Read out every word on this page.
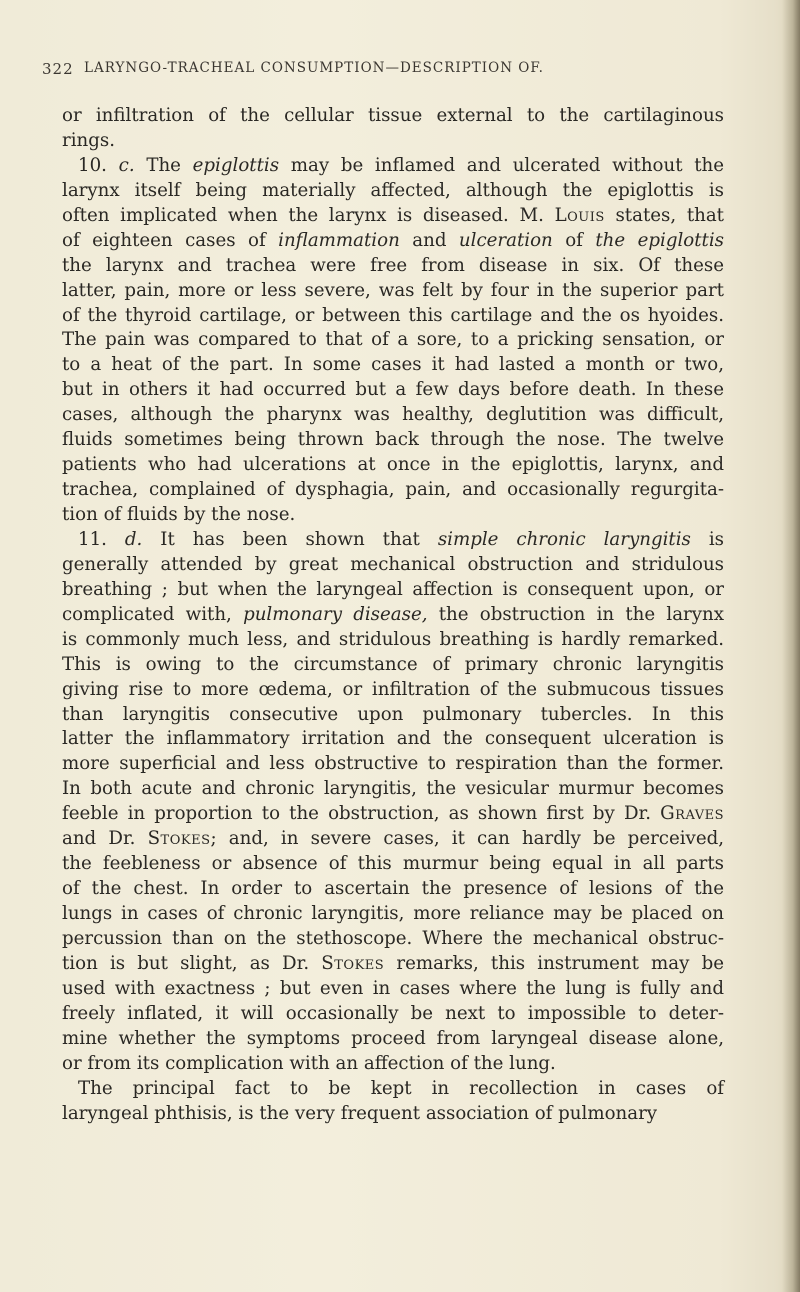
322 LARYNGO-TRACHEAL CONSUMPTION—DESCRIPTION OF.
or infiltration of the cellular tissue external to the cartilaginous
rings.
10. c. The epiglottis may be inflamed and ulcerated without the
larynx itself being materially affected, although the epiglottis is
often implicated when the larynx is diseased. M. Louis states, that
of eighteen cases of inflammation and ulceration of the epiglottis
the larynx and trachea were free from disease in six. Of these
latter, pain, more or less severe, was felt by four in the superior part
of the thyroid cartilage, or between this cartilage and the os hyoides.
The pain was compared to that of a sore, to a pricking sensation, or
to a heat of the part. In some cases it had lasted a month or two,
but in others it had occurred but a few days before death. In these
cases, although the pharynx was healthy, deglutition was difficult,
fluids sometimes being thrown back through the nose. The twelve
patients who had ulcerations at once in the epiglottis, larynx, and
trachea, complained of dysphagia, pain, and occasionally regurgita-
tion of fluids by the nose.
11. d. It has been shown that simple chronic laryngitis is
generally attended by great mechanical obstruction and stridulous
breathing ; but when the laryngeal affection is consequent upon, or
complicated with, pulmonary disease, the obstruction in the larynx
is commonly much less, and stridulous breathing is hardly remarked.
This is owing to the circumstance of primary chronic laryngitis
giving rise to more œdema, or infiltration of the submucous tissues
than laryngitis consecutive upon pulmonary tubercles. In this
latter the inflammatory irritation and the consequent ulceration is
more superficial and less obstructive to respiration than the former.
In both acute and chronic laryngitis, the vesicular murmur becomes
feeble in proportion to the obstruction, as shown first by Dr. Graves
and Dr. Stokes; and, in severe cases, it can hardly be perceived,
the feebleness or absence of this murmur being equal in all parts
of the chest. In order to ascertain the presence of lesions of the
lungs in cases of chronic laryngitis, more reliance may be placed on
percussion than on the stethoscope. Where the mechanical obstruc-
tion is but slight, as Dr. Stokes remarks, this instrument may be
used with exactness ; but even in cases where the lung is fully and
freely inflated, it will occasionally be next to impossible to deter-
mine whether the symptoms proceed from laryngeal disease alone,
or from its complication with an affection of the lung.
The principal fact to be kept in recollection in cases of
laryngeal phthisis, is the very frequent association of pulmonary
